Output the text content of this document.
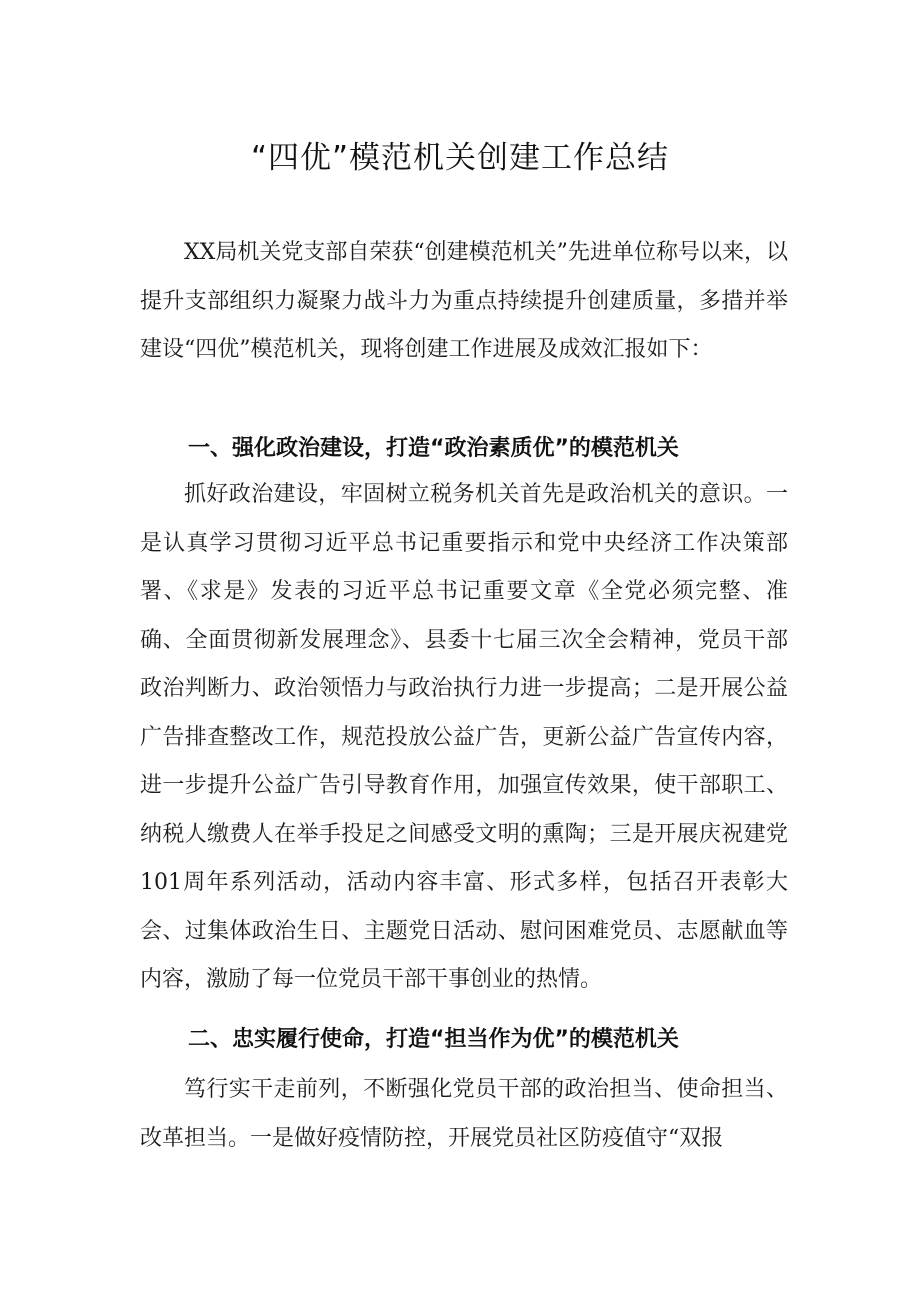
“四优”模范机关创建工作总结

XX局机关党支部自荣获“创建模范机关”先进单位称号以来，以提升支部组织力凝聚力战斗力为重点持续提升创建质量，多措并举建设“四优”模范机关，现将创建工作进展及成效汇报如下：

一、强化政治建设，打造“政治素质优”的模范机关

抓好政治建设，牢固树立税务机关首先是政治机关的意识。一是认真学习贯彻习近平总书记重要指示和党中央经济工作决策部署、《求是》发表的习近平总书记重要文章《全党必须完整、准确、全面贯彻新发展理念》、县委十七届三次全会精神，党员干部政治判断力、政治领悟力与政治执行力进一步提高；二是开展公益广告排查整改工作，规范投放公益广告，更新公益广告宣传内容，进一步提升公益广告引导教育作用，加强宣传效果，使干部职工、纳税人缴费人在举手投足之间感受文明的熏陶；三是开展庆祝建党101周年系列活动，活动内容丰富、形式多样，包括召开表彰大会、过集体政治生日、主题党日活动、慰问困难党员、志愿献血等内容，激励了每一位党员干部干事创业的热情。

二、忠实履行使命，打造“担当作为优”的模范机关

笃行实干走前列，不断强化党员干部的政治担当、使命担当、改革担当。一是做好疫情防控，开展党员社区防疫值守“双报
